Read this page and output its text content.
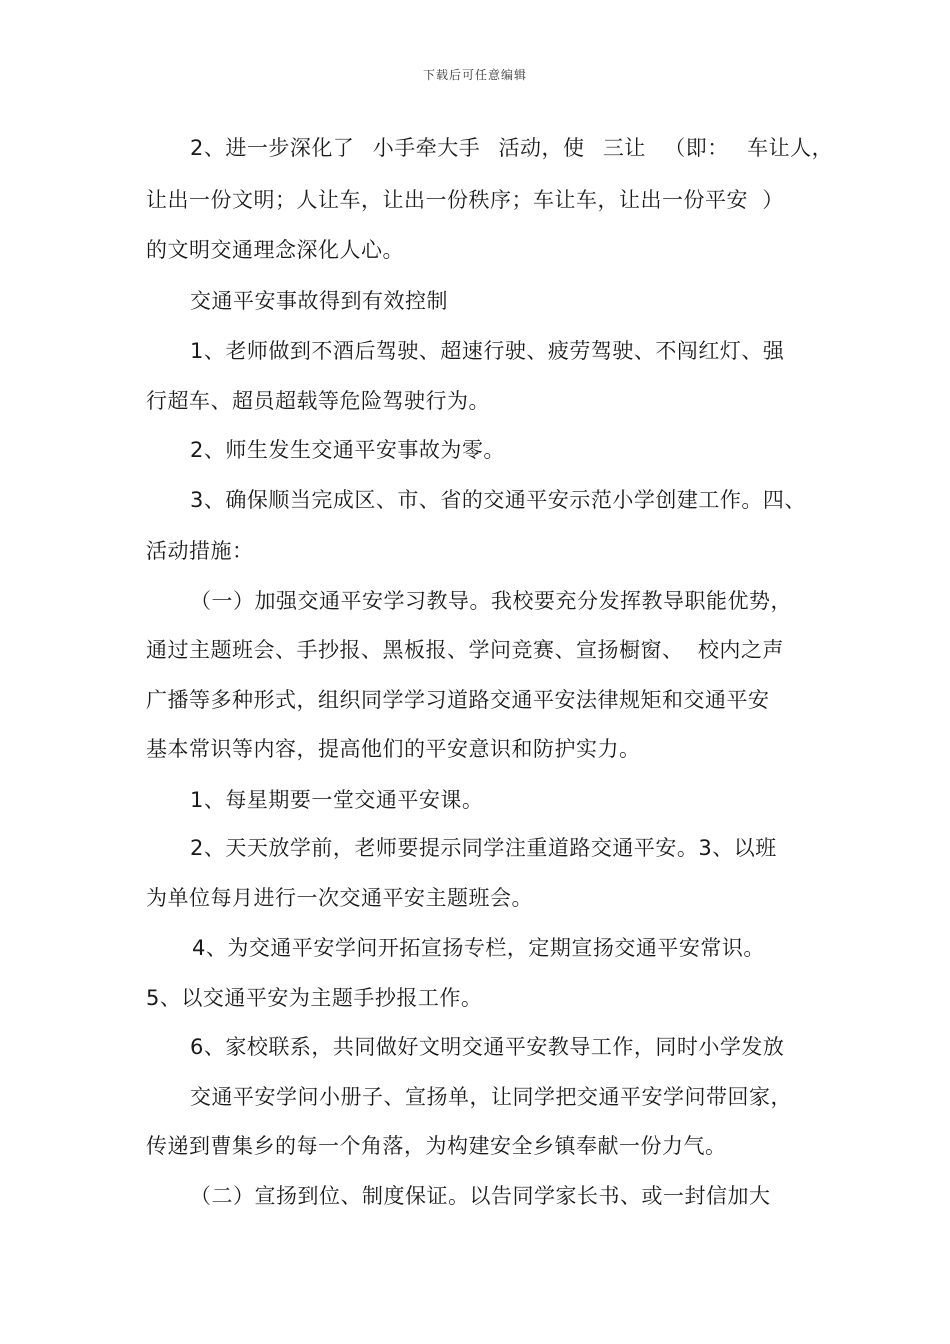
下载后可任意编辑
2、进一步深化了  小手牵大手  活动，使  三让  （即：  车让人，
让出一份文明；人让车，让出一份秩序；车让车，让出一份平安  ）
的文明交通理念深化人心。
交通平安事故得到有效控制
1、老师做到不酒后驾驶、超速行驶、疲劳驾驶、不闯红灯、强
行超车、超员超载等危险驾驶行为。
2、师生发生交通平安事故为零。
3、确保顺当完成区、市、省的交通平安示范小学创建工作。四、
活动措施：
（一）加强交通平安学习教导。我校要充分发挥教导职能优势，
通过主题班会、手抄报、黑板报、学问竞赛、宣扬橱窗、  校内之声
广播等多种形式，组织同学学习道路交通平安法律规矩和交通平安
基本常识等内容，提高他们的平安意识和防护实力。
1、每星期要一堂交通平安课。
2、天天放学前，老师要提示同学注重道路交通平安。3、以班
为单位每月进行一次交通平安主题班会。
4、为交通平安学问开拓宣扬专栏，定期宣扬交通平安常识。
5、以交通平安为主题手抄报工作。
6、家校联系，共同做好文明交通平安教导工作，同时小学发放
交通平安学问小册子、宣扬单，让同学把交通平安学问带回家，
传递到曹集乡的每一个角落，为构建安全乡镇奉献一份力气。
（二）宣扬到位、制度保证。以告同学家长书、或一封信加大
